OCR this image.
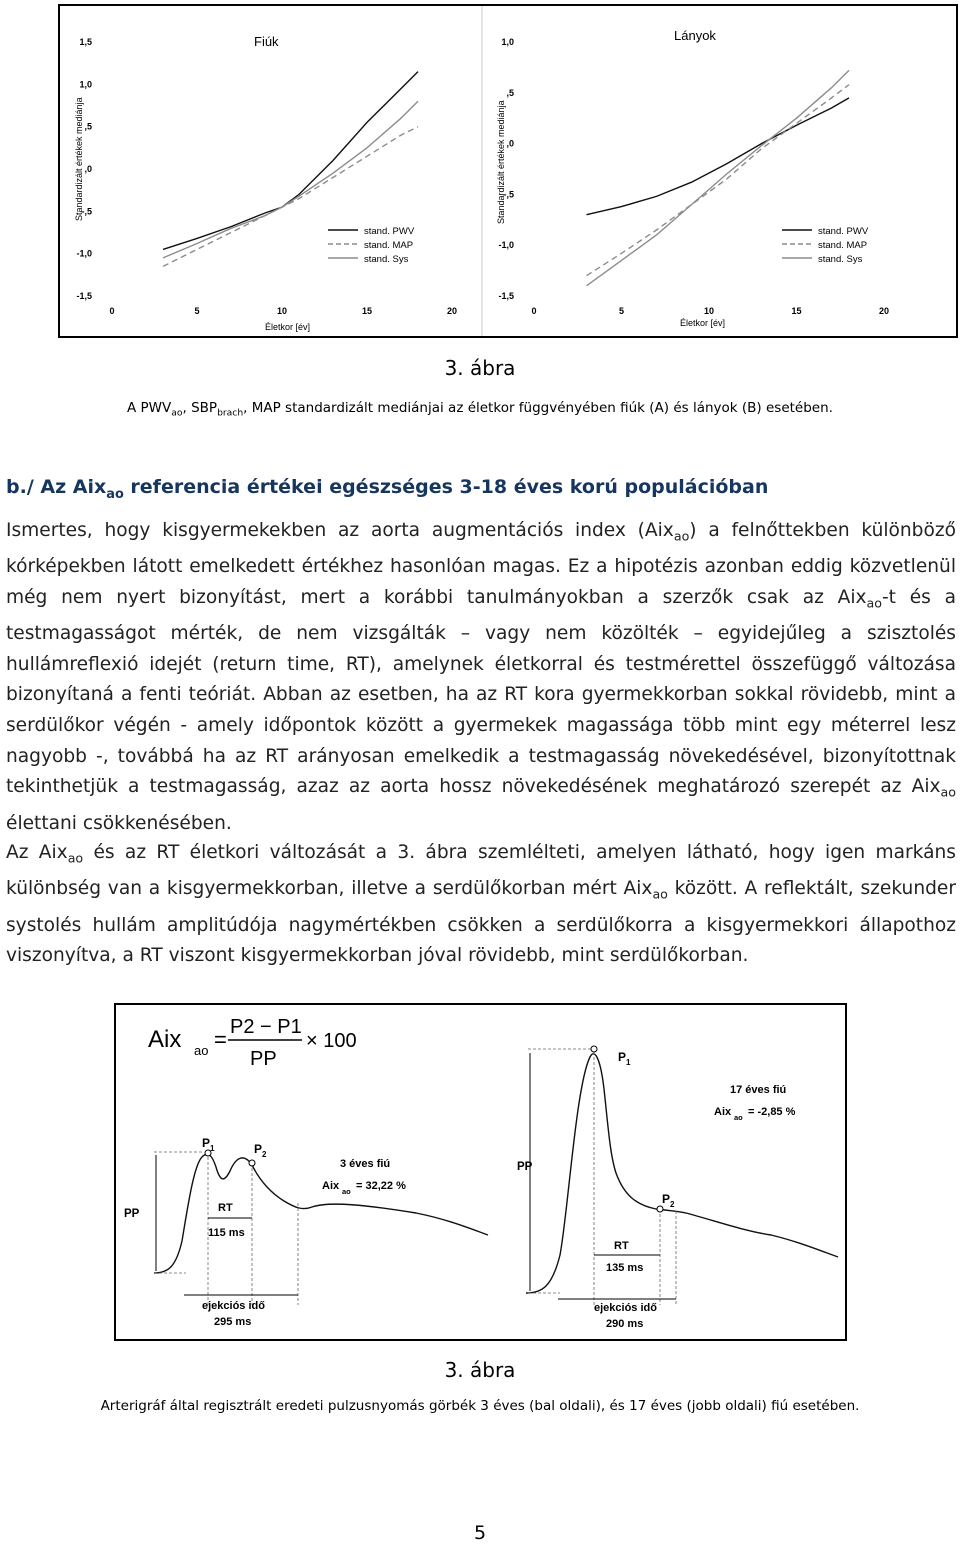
Fiúk
Standardizált értékek mediánja
Életkor [év]
1,5
1,0
,5
,0
-,5
-1,0
-1,5
0	5	10	15	20
stand. PWV
stand. MAP
stand. Sys
Lányok
Standardizált értékek mediánja
Életkor [év]
1,0
,5
,0
-,5
-1,0
-1,5
0	5	10	15	20
stand. PWV
stand. MAP
stand. Sys
3. ábra
A $PWV_{ao}$, $SBP_{brach}$, MAP standardizált mediánjai az életkor függvényében fiúk (A) és lányok (B) esetében.
b./ Az Aix$_{ao}$ referencia értékei egészséges 3-18 éves korú populációban
Ismertes, hogy kisgyermekekben az aorta augmentációs index (Aix$_{ao}$) a felnőttekben különböző kórképekben látott emelkedett értékhez hasonlóan magas. Ez a hipotézis azonban eddig közvetlenül még nem nyert bizonyítást, mert a korábbi tanulmányokban a szerzők csak az Aix$_{ao}$-t és a testmagasságot mérték, de nem vizsgálták – vagy nem közölték – egyidejűleg a szisztolés hullámreflexió idejét (return time, RT), amelynek életkorral és testmérettel összefüggő változása bizonyítaná a fenti teóriát. Abban az esetben, ha az RT kora gyermekkorban sokkal rövidebb, mint a serdülőkor végén - amely időpontok között a gyermekek magassága több mint egy méterrel lesz nagyobb -, továbbá ha az RT arányosan emelkedik a testmagasság növekedésével, bizonyítottnak tekinthetjük a testmagasság, azaz az aorta hossz növekedésének meghatározó szerepét az Aix$_{ao}$ élettani csökkenésében.
Az Aix$_{ao}$ és az RT életkori változását a 3. ábra szemlélteti, amelyen látható, hogy igen markáns különbség van a kisgyermekkorban, illetve a serdülőkorban mért Aix$_{ao}$ között. A reflektált, szekunder systolés hullám amplitúdója nagymértékben csökken a serdülőkorra a kisgyermekkori állapothoz viszonyítva, a RT viszont kisgyermekkorban jóval rövidebb, mint serdülőkorban.
Aix ao = P2 − P1
PP
× 100
P 1	P 2
PP	RT
115 ms
3 éves fiú
Aix ao = 32,22 %
ejekciós idő
295 ms
P 1
P 2
PP
RT
135 ms
17 éves fiú
Aix ao = -2,85 %
ejekciós idő
290 ms
3. ábra
Arterigráf által regisztrált eredeti pulzusnyomás görbék 3 éves (bal oldali), és 17 éves (jobb oldali) fiú esetében.
5
